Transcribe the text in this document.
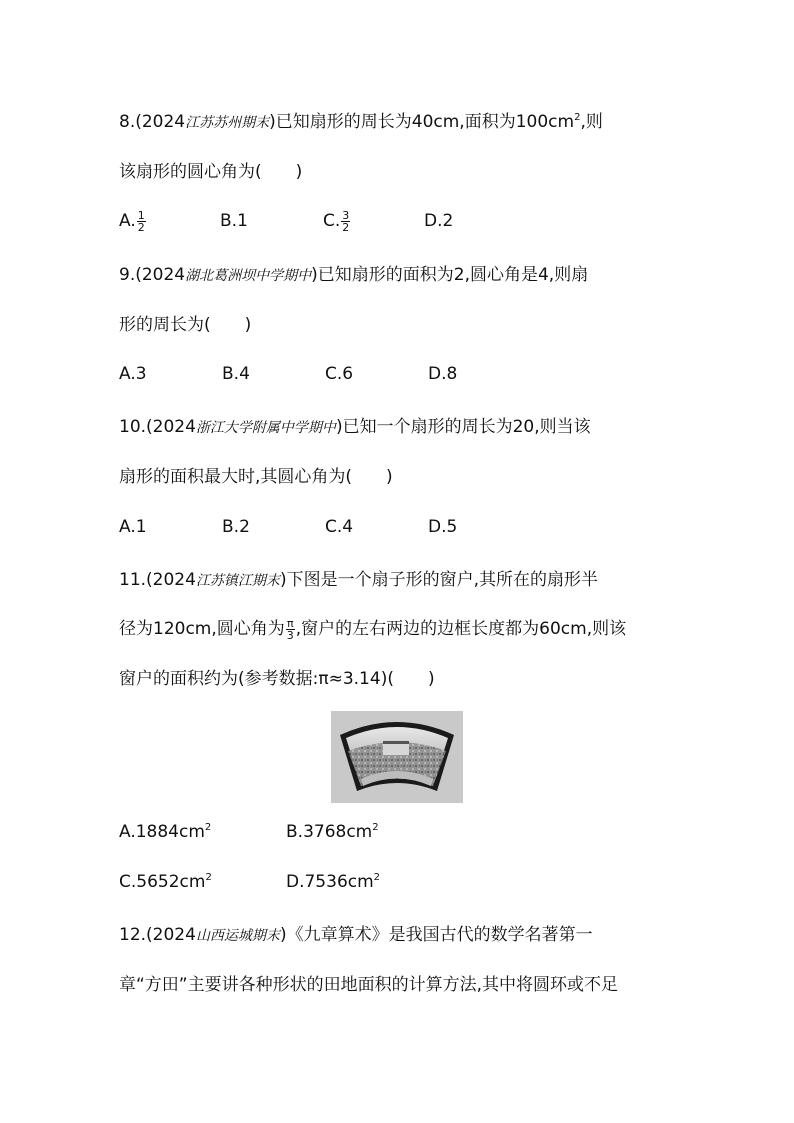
8.(2024江苏苏州期末)已知扇形的周长为40cm,面积为$100cm^2$,则
该扇形的圆心角为(　　)
A. $\frac{1}{2}$	B.1	C. $\frac{3}{2}$	D.2
9.(2024湖北葛洲坝中学期中)已知扇形的面积为2,圆心角是4,则扇
形的周长为(　　)
A.3	B.4	C.6	D.8
10.(2024浙江大学附属中学期中)已知一个扇形的周长为20,则当该
扇形的面积最大时,其圆心角为(　　)
A.1	B.2	C.4	D.5
11.(2024江苏镇江期末)下图是一个扇子形的窗户,其所在的扇形半
径为120cm,圆心角为 $\frac{\pi}{3}$ ,窗户的左右两边的边框长度都为60cm,则该
窗户的面积约为(参考数据:π≈3.14)(　　)
$A.1884cm^2$	$B.3768cm^2$
$C.5652cm^2$	$D.7536cm^2$
12.(2024山西运城期末)《九章算术》是我国古代的数学名著第一
章“方田”主要讲各种形状的田地面积的计算方法,其中将圆环或不足
